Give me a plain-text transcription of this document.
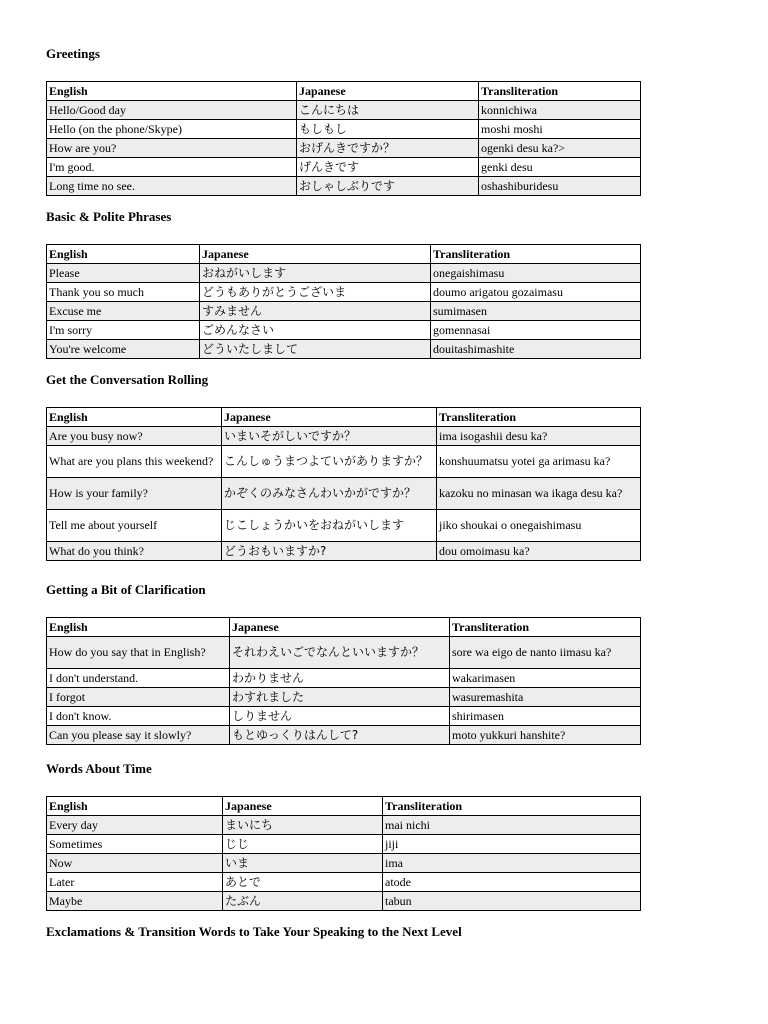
Greetings
English	Japanese	Transliteration
Hello/Good day	こんにちは	konnichiwa
Hello (on the phone/Skype)	もしもし	moshi moshi
How are you?	おげんきですか？	ogenki desu ka?>
I'm good.	げんきです	genki desu
Long time no see.	おしゃしぶりです	oshashiburidesu
Basic & Polite Phrases
English	Japanese	Transliteration
Please	おねがいします	onegaishimasu
Thank you so much	どうもありがとうございま	doumo arigatou gozaimasu
Excuse me	すみません	sumimasen
I'm sorry	ごめんなさい	gomennasai
You're welcome	どういたしまして	douitashimashite
Get the Conversation Rolling
English	Japanese	Transliteration
Are you busy now?	いまいそがしいですか？	ima isogashii desu ka?
What are you plans this weekend?	こんしゅうまつよていがありますか？	konshuumatsu yotei ga arimasu ka?
How is your family?	かぞくのみなさんわいかがですか？	kazoku no minasan wa ikaga desu ka?
Tell me about yourself	じこしょうかいをおねがいします	jiko shoukai o onegaishimasu
What do you think?	どうおもいますか?	dou omoimasu ka?
Getting a Bit of Clarification
English	Japanese	Transliteration
How do you say that in English?	それわえいごでなんといいますか？	sore wa eigo de nanto iimasu ka?
I don't understand.	わかりません	wakarimasen
I forgot	わすれました	wasuremashita
I don't know.	しりません	shirimasen
Can you please say it slowly?	もとゆっくりはんして?	moto yukkuri hanshite?
Words About Time
English	Japanese	Transliteration
Every day	まいにち	mai nichi
Sometimes	じじ	jiji
Now	いま	ima
Later	あとで	atode
Maybe	たぶん	tabun
Exclamations & Transition Words to Take Your Speaking to the Next Level
